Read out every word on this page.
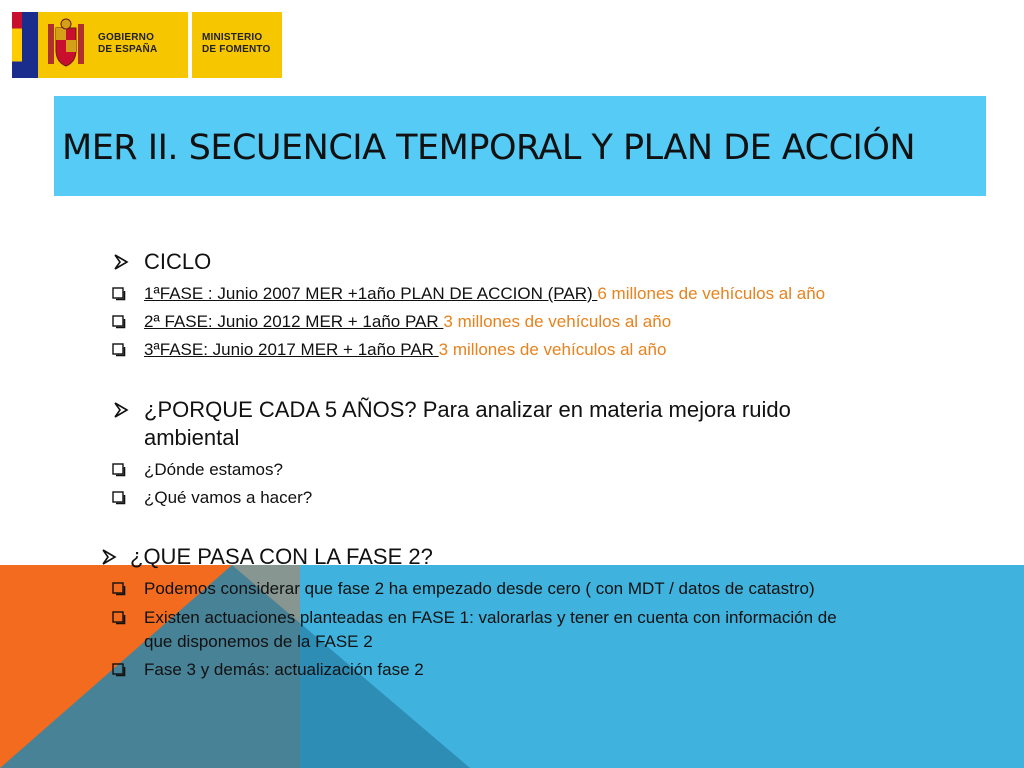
GOBIERNO
DE ESPAÑA
MINISTERIO
DE FOMENTO
MER II. SECUENCIA TEMPORAL Y PLAN DE ACCIÓN
CICLO
1ªFASE : Junio 2007 MER +1año PLAN DE ACCION (PAR) 6 millones de vehículos al año
2ª FASE: Junio 2012 MER + 1año PAR 3 millones de vehículos al año
3ªFASE: Junio 2017 MER + 1año PAR 3 millones de vehículos al año
¿PORQUE CADA 5 AÑOS? Para analizar en materia mejora ruido
ambiental
¿Dónde estamos?
¿Qué vamos a hacer?
¿QUE PASA CON LA FASE 2?
Podemos considerar que fase 2 ha empezado desde cero ( con MDT / datos de catastro)
Existen actuaciones planteadas en FASE 1: valorarlas y tener en cuenta con información de
que disponemos de la FASE 2
Fase 3 y demás: actualización fase 2
